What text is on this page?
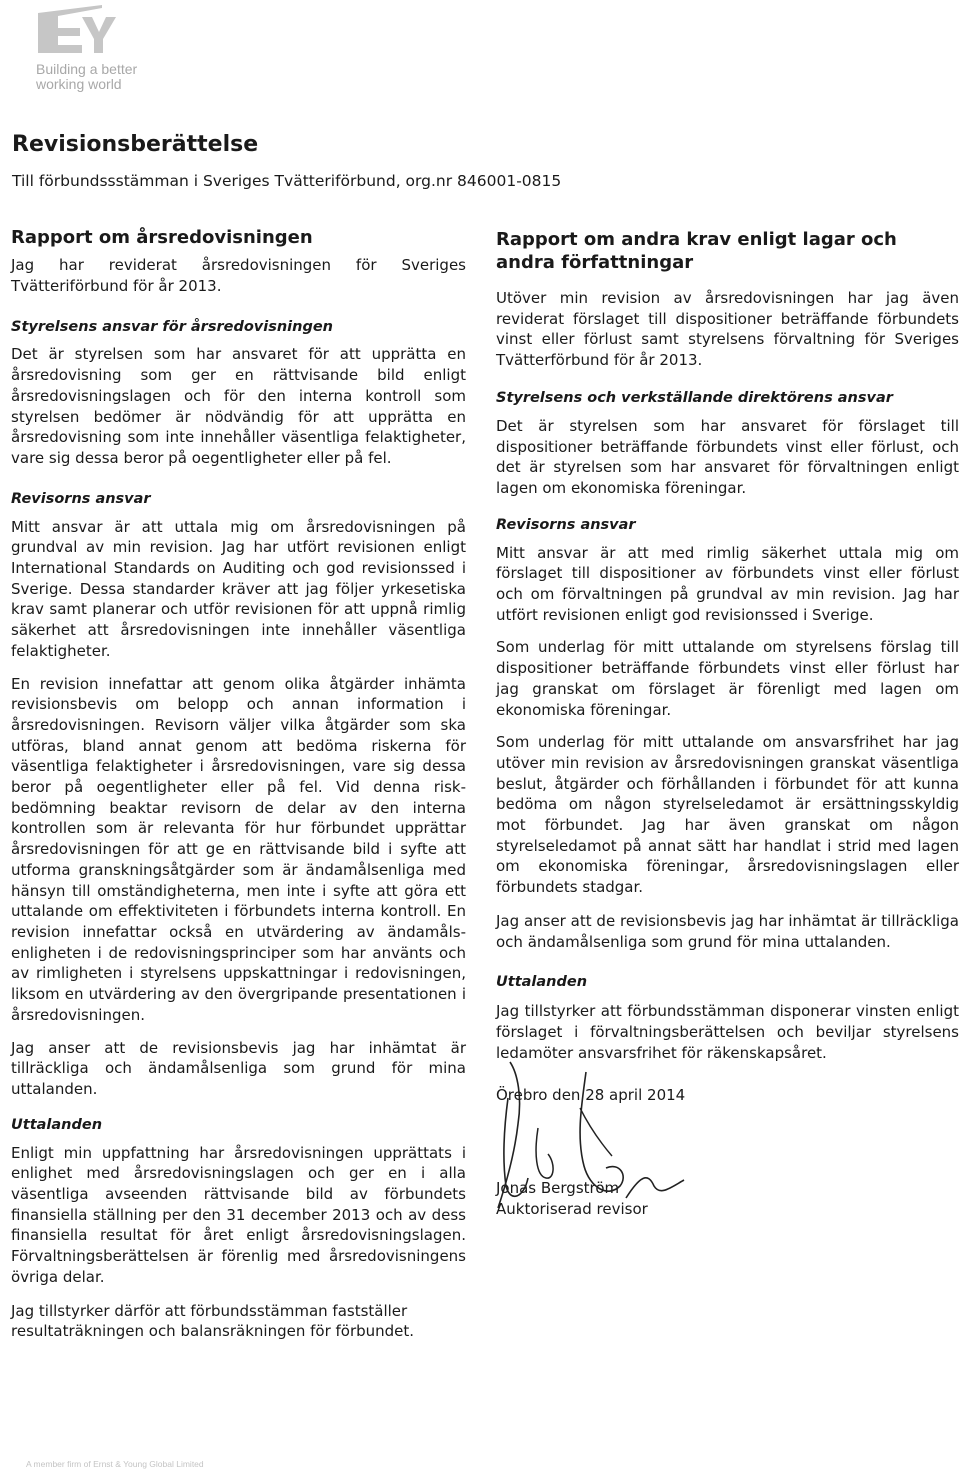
Building a better
working world
Revisionsberättelse
Till förbundssstämman i Sveriges Tvätteriförbund, org.nr 846001-0815
Rapport om årsredovisningen

Jag har reviderat årsredovisningen för Sveriges Tvätteriförbund för år 2013.

Styrelsens ansvar för årsredovisningen

Det är styrelsen som har ansvaret för att upprätta en årsredovisning som ger en rättvisande bild enligt årsredovisningslagen och för den interna kontroll som styrelsen bedömer är nödvändig för att upprätta en årsredovisning som inte innehåller väsentliga felaktigheter, vare sig dessa beror på oegentligheter eller på fel.

Revisorns ansvar

Mitt ansvar är att uttala mig om årsredovisningen på grundval av min revision. Jag har utfört revisionen enligt International Standards on Auditing och god revisionssed i Sverige. Dessa standarder kräver att jag följer yrkesetiska krav samt planerar och utför revisionen för att uppnå rimlig säkerhet att årsredovisningen inte innehåller väsentliga felaktigheter.

En revision innefattar att genom olika åtgärder inhämta revisionsbevis om belopp och annan information i årsredovisningen. Revisorn väljer vilka åtgärder som ska utföras, bland annat genom att bedöma riskerna för väsentliga felaktigheter i årsredovisningen, vare sig dessa beror på oegentligheter eller på fel. Vid denna risk-bedömning beaktar revisorn de delar av den interna kontrollen som är relevanta för hur förbundet upprättar årsredovisningen för att ge en rättvisande bild i syfte att utforma granskningsåtgärder som är ändamålsenliga med hänsyn till omständigheterna, men inte i syfte att göra ett uttalande om effektiviteten i förbundets interna kontroll. En revision innefattar också en utvärdering av ändamåls-enligheten i de redovisningsprinciper som har använts och av rimligheten i styrelsens uppskattningar i redovisningen, liksom en utvärdering av den övergripande presentationen i årsredovisningen.

Jag anser att de revisionsbevis jag har inhämtat är tillräckliga och ändamålsenliga som grund för mina uttalanden.

Uttalanden

Enligt min uppfattning har årsredovisningen upprättats i enlighet med årsredovisningslagen och ger en i alla väsentliga avseenden rättvisande bild av förbundets finansiella ställning per den 31 december 2013 och av dess finansiella resultat för året enligt årsredovisningslagen. Förvaltningsberättelsen är förenlig med årsredovisningens övriga delar.

Jag tillstyrker därför att förbundsstämman fastställer resultaträkningen och balansräkningen för förbundet.

Rapport om andra krav enligt lagar och andra författningar

Utöver min revision av årsredovisningen har jag även reviderat förslaget till dispositioner beträffande förbundets vinst eller förlust samt styrelsens förvaltning för Sveriges Tvätterförbund för år 2013.

Styrelsens och verkställande direktörens ansvar

Det är styrelsen som har ansvaret för förslaget till dispositioner beträffande förbundets vinst eller förlust, och det är styrelsen som har ansvaret för förvaltningen enligt lagen om ekonomiska föreningar.

Revisorns ansvar

Mitt ansvar är att med rimlig säkerhet uttala mig om förslaget till dispositioner av förbundets vinst eller förlust och om förvaltningen på grundval av min revision. Jag har utfört revisionen enligt god revisionssed i Sverige.

Som underlag för mitt uttalande om styrelsens förslag till dispositioner beträffande förbundets vinst eller förlust har jag granskat om förslaget är förenligt med lagen om ekonomiska föreningar.

Som underlag för mitt uttalande om ansvarsfrihet har jag utöver min revision av årsredovisningen granskat väsentliga beslut, åtgärder och förhållanden i förbundet för att kunna bedöma om någon styrelseledamot är ersättningsskyldig mot förbundet. Jag har även granskat om någon styrelseledamot på annat sätt har handlat i strid med lagen om ekonomiska föreningar, årsredovisningslagen eller förbundets stadgar.

Jag anser att de revisionsbevis jag har inhämtat är tillräckliga och ändamålsenliga som grund för mina uttalanden.

Uttalanden

Jag tillstyrker att förbundsstämman disponerar vinsten enligt förslaget i förvaltningsberättelsen och beviljar styrelsens ledamöter ansvarsfrihet för räkenskapsåret.

Örebro den 28 april 2014

Jonas Bergström

Auktoriserad revisor

A member firm of Ernst & Young Global Limited
